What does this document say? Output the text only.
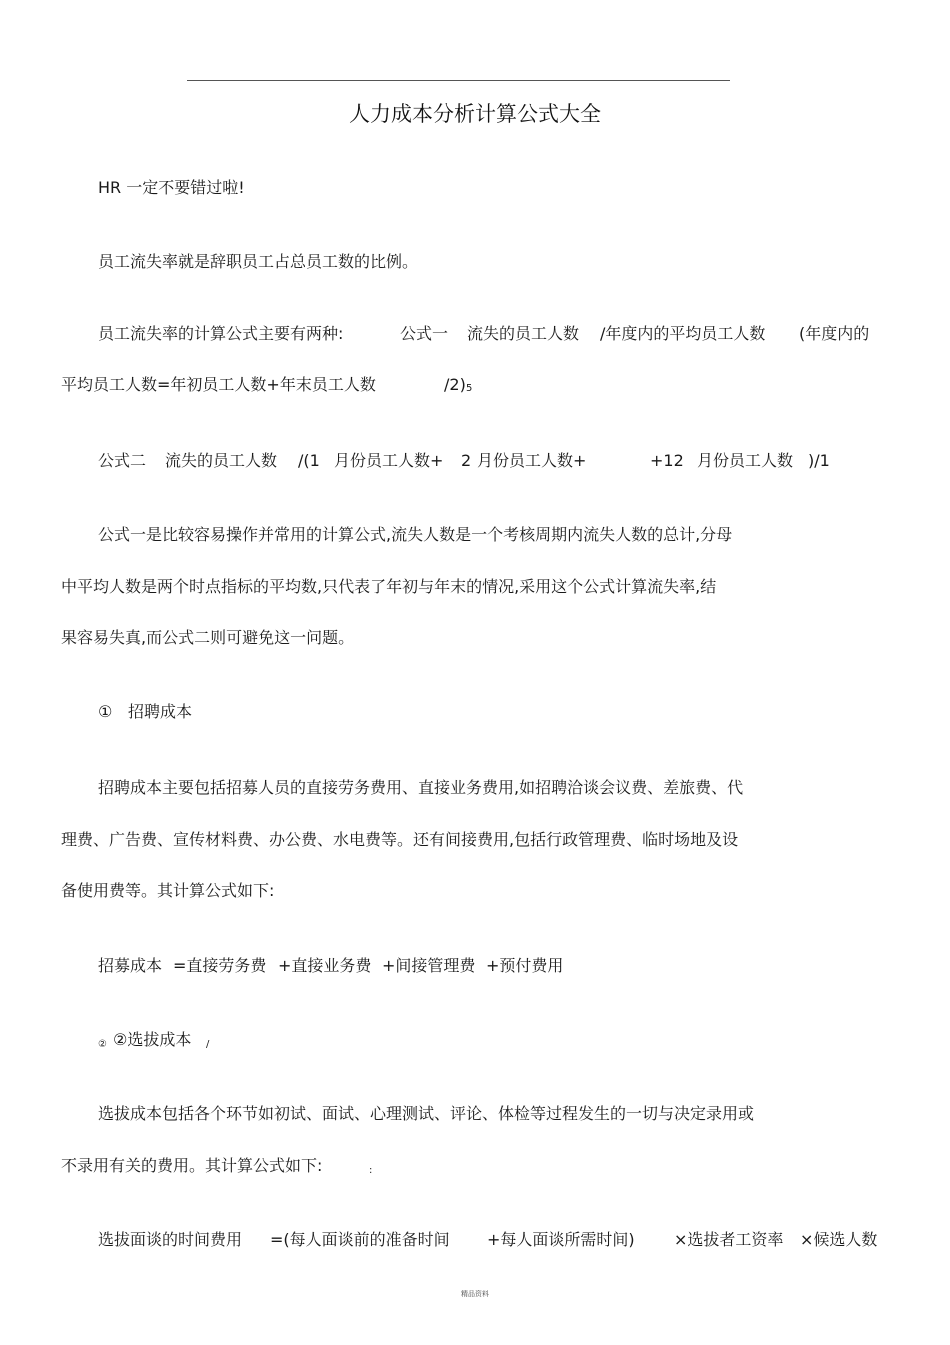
人力成本分析计算公式大全
HR 一定不要错过啦!
员工流失率就是辞职员工占总员工数的比例。
员工流失率的计算公式主要有两种:	公式一 流失的员工人数 /年度内的平均员工人数 (年度内的
平均员工人数=年初员工人数+年末员工人数	/2) 5
公式二 流失的员工人数 /(1 月份员工人数+ 2 月份员工人数+	+12 月份员工人数 )/1
公式一是比较容易操作并常用的计算公式,流失人数是一个考核周期内流失人数的总计,分母
中平均人数是两个时点指标的平均数,只代表了年初与年末的情况,采用这个公式计算流失率,结
果容易失真,而公式二则可避免这一问题。
① 招聘成本
招聘成本主要包括招募人员的直接劳务费用、直接业务费用,如招聘洽谈会议费、差旅费、代
理费、广告费、宣传材料费、办公费、水电费等。还有间接费用,包括行政管理费、临时场地及设
备使用费等。其计算公式如下:
招募成本 =直接劳务费 +直接业务费 +间接管理费 +预付费用
② ②选拔成本 /
选拔成本包括各个环节如初试、面试、心理测试、评论、体检等过程发生的一切与决定录用或
不录用有关的费用。其计算公式如下:	:
选拔面谈的时间费用 =(每人面谈前的准备时间 +每人面谈所需时间) ×选拔者工资率 ×候选人数
精品资料
